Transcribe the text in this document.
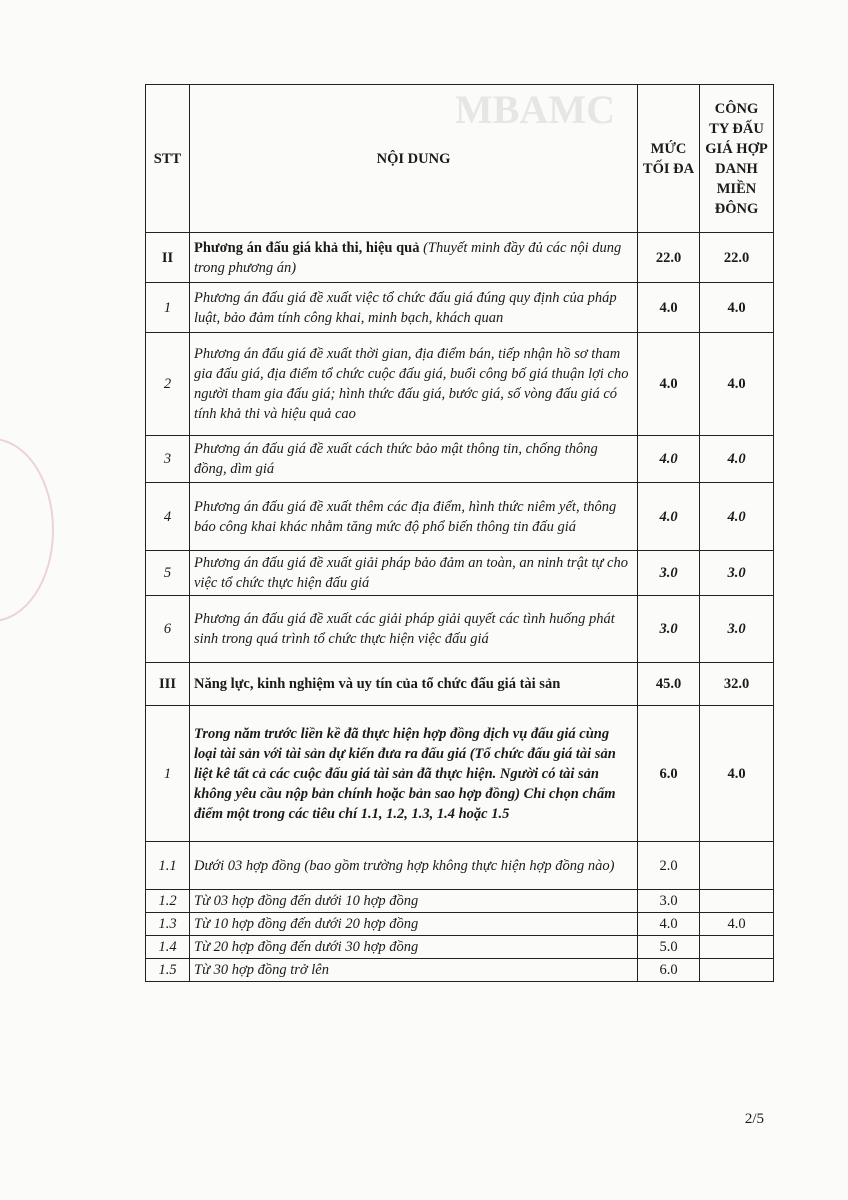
MBAMC
STT	NỘI DUNG	MỨC TỐI ĐA	CÔNG TY ĐẤU GIÁ HỢP DANH MIỀN ĐÔNG
II	Phương án đấu giá khả thi, hiệu quả (Thuyết minh đầy đủ các nội dung trong phương án)	22.0	22.0
1	Phương án đấu giá đề xuất việc tổ chức đấu giá đúng quy định của pháp luật, bảo đảm tính công khai, minh bạch, khách quan	4.0	4.0
2	Phương án đấu giá đề xuất thời gian, địa điểm bán, tiếp nhận hồ sơ tham gia đấu giá, địa điểm tổ chức cuộc đấu giá, buổi công bố giá thuận lợi cho người tham gia đấu giá; hình thức đấu giá, bước giá, số vòng đấu giá có tính khả thi và hiệu quả cao	4.0	4.0
3	Phương án đấu giá đề xuất cách thức bảo mật thông tin, chống thông đồng, dìm giá	4.0	4.0
4	Phương án đấu giá đề xuất thêm các địa điểm, hình thức niêm yết, thông báo công khai khác nhằm tăng mức độ phổ biến thông tin đấu giá	4.0	4.0
5	Phương án đấu giá đề xuất giải pháp bảo đảm an toàn, an ninh trật tự cho việc tổ chức thực hiện đấu giá	3.0	3.0
6	Phương án đấu giá đề xuất các giải pháp giải quyết các tình huống phát sinh trong quá trình tổ chức thực hiện việc đấu giá	3.0	3.0
III	Năng lực, kinh nghiệm và uy tín của tổ chức đấu giá tài sản	45.0	32.0
1	Trong năm trước liền kề đã thực hiện hợp đồng dịch vụ đấu giá cùng loại tài sản với tài sản dự kiến đưa ra đấu giá (Tổ chức đấu giá tài sản liệt kê tất cả các cuộc đấu giá tài sản đã thực hiện. Người có tài sản không yêu cầu nộp bản chính hoặc bản sao hợp đồng) Chỉ chọn chấm điểm một trong các tiêu chí 1.1, 1.2, 1.3, 1.4 hoặc 1.5	6.0	4.0
1.1	Dưới 03 hợp đồng (bao gồm trường hợp không thực hiện hợp đồng nào)	2.0	
1.2	Từ 03 hợp đồng đến dưới 10 hợp đồng	3.0	
1.3	Từ 10 hợp đồng đến dưới 20 hợp đồng	4.0	4.0
1.4	Từ 20 hợp đồng đến dưới 30 hợp đồng	5.0	
1.5	Từ 30 hợp đồng trở lên	6.0	
2/5
